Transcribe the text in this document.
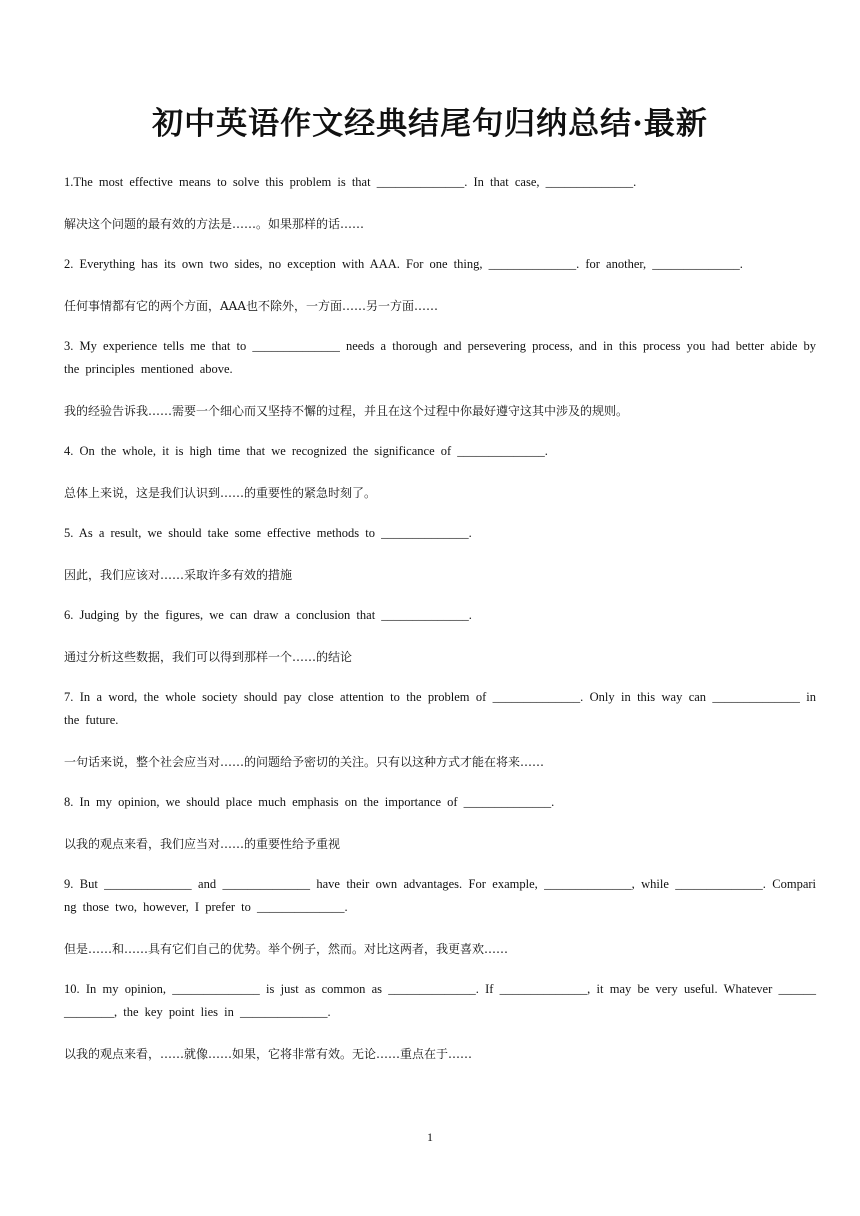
初中英语作文经典结尾句归纳总结·最新

1.The most effective means to solve this problem is that ______________. In that case, ______________.

解决这个问题的最有效的方法是……。如果那样的话……

2. Everything has its own two sides, no exception with AAA. For one thing, ______________. for another, ______________.

任何事情都有它的两个方面，AAA也不除外，一方面……另一方面……

3. My experience tells me that to ______________ needs a thorough and persevering process, and in this process you had better abide by the principles mentioned above.

我的经验告诉我……需要一个细心而又坚持不懈的过程，并且在这个过程中你最好遵守这其中涉及的规则。

4. On the whole, it is high time that we recognized the significance of ______________.

总体上来说，这是我们认识到……的重要性的紧急时刻了。

5. As a result, we should take some effective methods to ______________.

因此，我们应该对……采取许多有效的措施

6. Judging by the figures, we can draw a conclusion that ______________.

通过分析这些数据，我们可以得到那样一个……的结论

7. In a word, the whole society should pay close attention to the problem of ______________. Only in this way can ______________ in the future.

一句话来说，整个社会应当对……的问题给予密切的关注。只有以这种方式才能在将来……

8. In my opinion, we should place much emphasis on the importance of ______________.

以我的观点来看，我们应当对……的重要性给予重视

9. But ______________ and ______________ have their own advantages. For example, ______________, while ______________. Comparing those two, however, I prefer to ______________.

但是……和……具有它们自己的优势。举个例子，然而。对比这两者，我更喜欢……

10. In my opinion, ______________ is just as common as ______________. If ______________, it may be very useful. Whatever ______________, the key point lies in ______________.

以我的观点来看，……就像……如果，它将非常有效。无论……重点在于……

1
